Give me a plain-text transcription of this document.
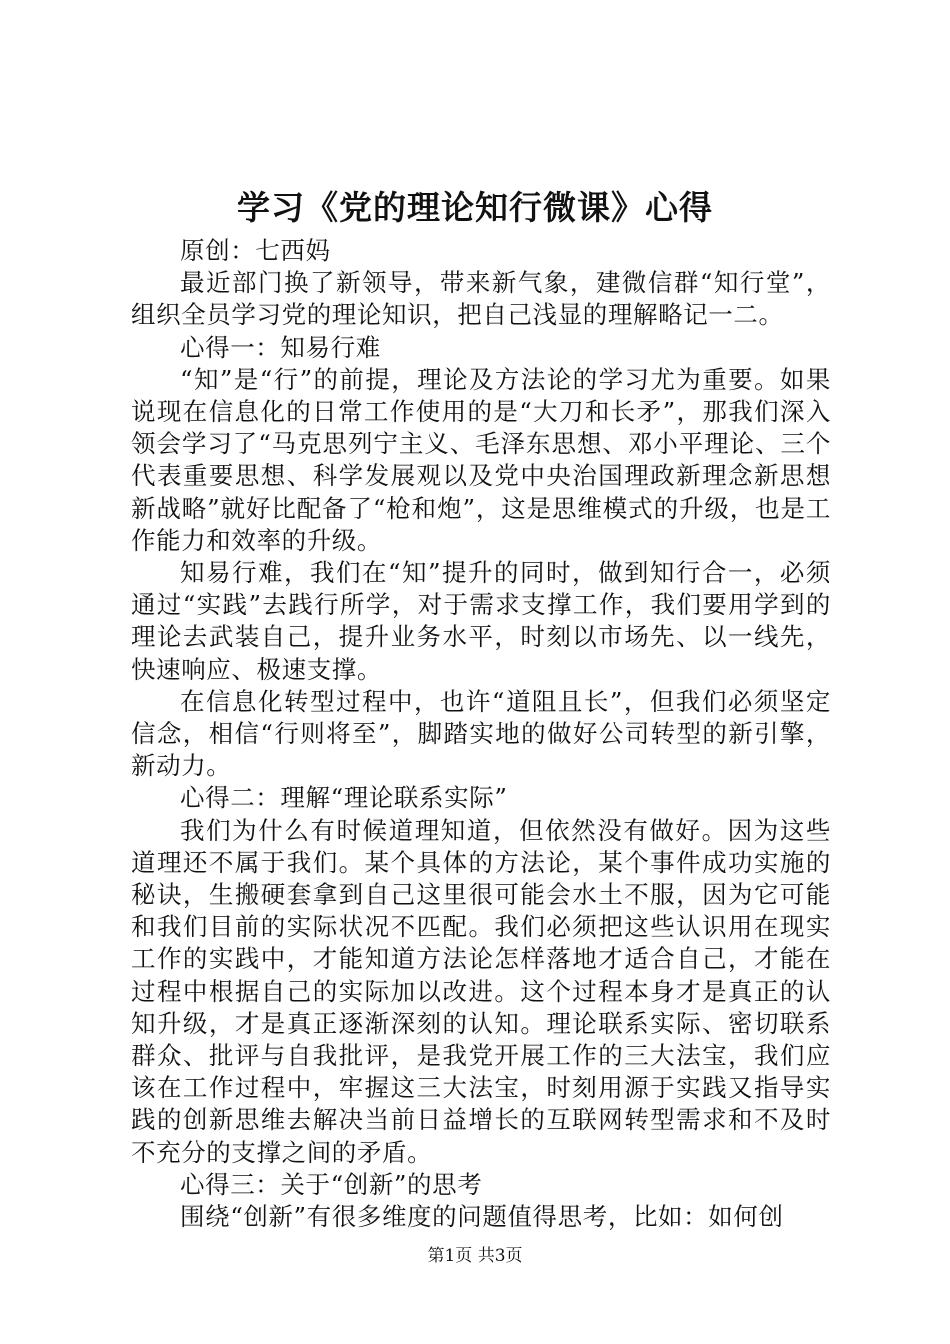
学习《党的理论知行微课》心得

原创：七西妈

最近部门换了新领导，带来新气象，建微信群“知行堂”，组织全员学习党的理论知识，把自己浅显的理解略记一二。

心得一：知易行难

“知”是“行”的前提，理论及方法论的学习尤为重要。如果说现在信息化的日常工作使用的是“大刀和长矛”，那我们深入领会学习了“马克思列宁主义、毛泽东思想、邓小平理论、三个代表重要思想、科学发展观以及党中央治国理政新理念新思想新战略”就好比配备了“枪和炮”，这是思维模式的升级，也是工作能力和效率的升级。

知易行难，我们在“知”提升的同时，做到知行合一，必须通过“实践”去践行所学，对于需求支撑工作，我们要用学到的理论去武装自己，提升业务水平，时刻以市场先、以一线先，快速响应、极速支撑。

在信息化转型过程中，也许“道阻且长”，但我们必须坚定信念，相信“行则将至”，脚踏实地的做好公司转型的新引擎，新动力。

心得二：理解“理论联系实际”

我们为什么有时候道理知道，但依然没有做好。因为这些道理还不属于我们。某个具体的方法论，某个事件成功实施的秘诀，生搬硬套拿到自己这里很可能会水土不服，因为它可能和我们目前的实际状况不匹配。我们必须把这些认识用在现实工作的实践中，才能知道方法论怎样落地才适合自己，才能在过程中根据自己的实际加以改进。这个过程本身才是真正的认知升级，才是真正逐渐深刻的认知。理论联系实际、密切联系群众、批评与自我批评，是我党开展工作的三大法宝，我们应该在工作过程中，牢握这三大法宝，时刻用源于实践又指导实践的创新思维去解决当前日益增长的互联网转型需求和不及时不充分的支撑之间的矛盾。

心得三：关于“创新”的思考

围绕“创新”有很多维度的问题值得思考，比如：如何创

第1页 共3页
